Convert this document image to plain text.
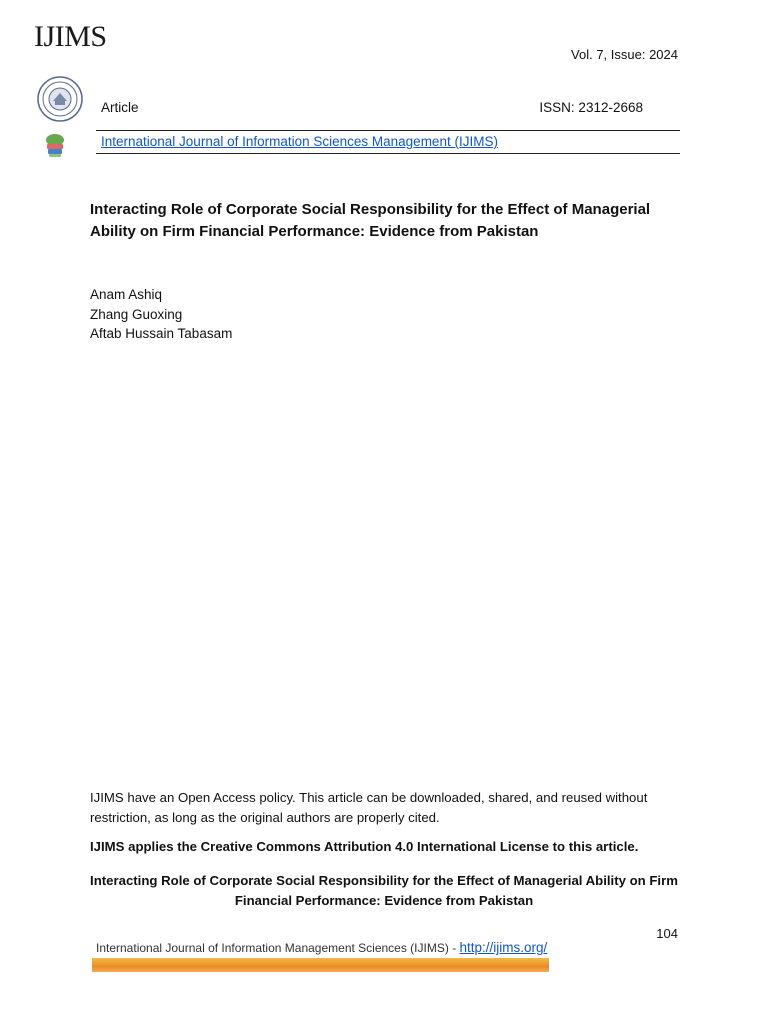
IJIMS
Vol. 7, Issue: 2024
Article	ISSN: 2312-2668
International Journal of Information Sciences Management (IJIMS)
Interacting Role of Corporate Social Responsibility for the Effect of Managerial Ability on Firm Financial Performance: Evidence from Pakistan
Anam Ashiq
Zhang Guoxing
Aftab Hussain Tabasam
IJIMS have an Open Access policy. This article can be downloaded, shared, and reused without restriction, as long as the original authors are properly cited.
IJIMS applies the Creative Commons Attribution 4.0 International License to this article.
Interacting Role of Corporate Social Responsibility for the Effect of Managerial Ability on Firm Financial Performance: Evidence from Pakistan
104
International Journal of Information Management Sciences (IJIMS) - http://ijims.org/
